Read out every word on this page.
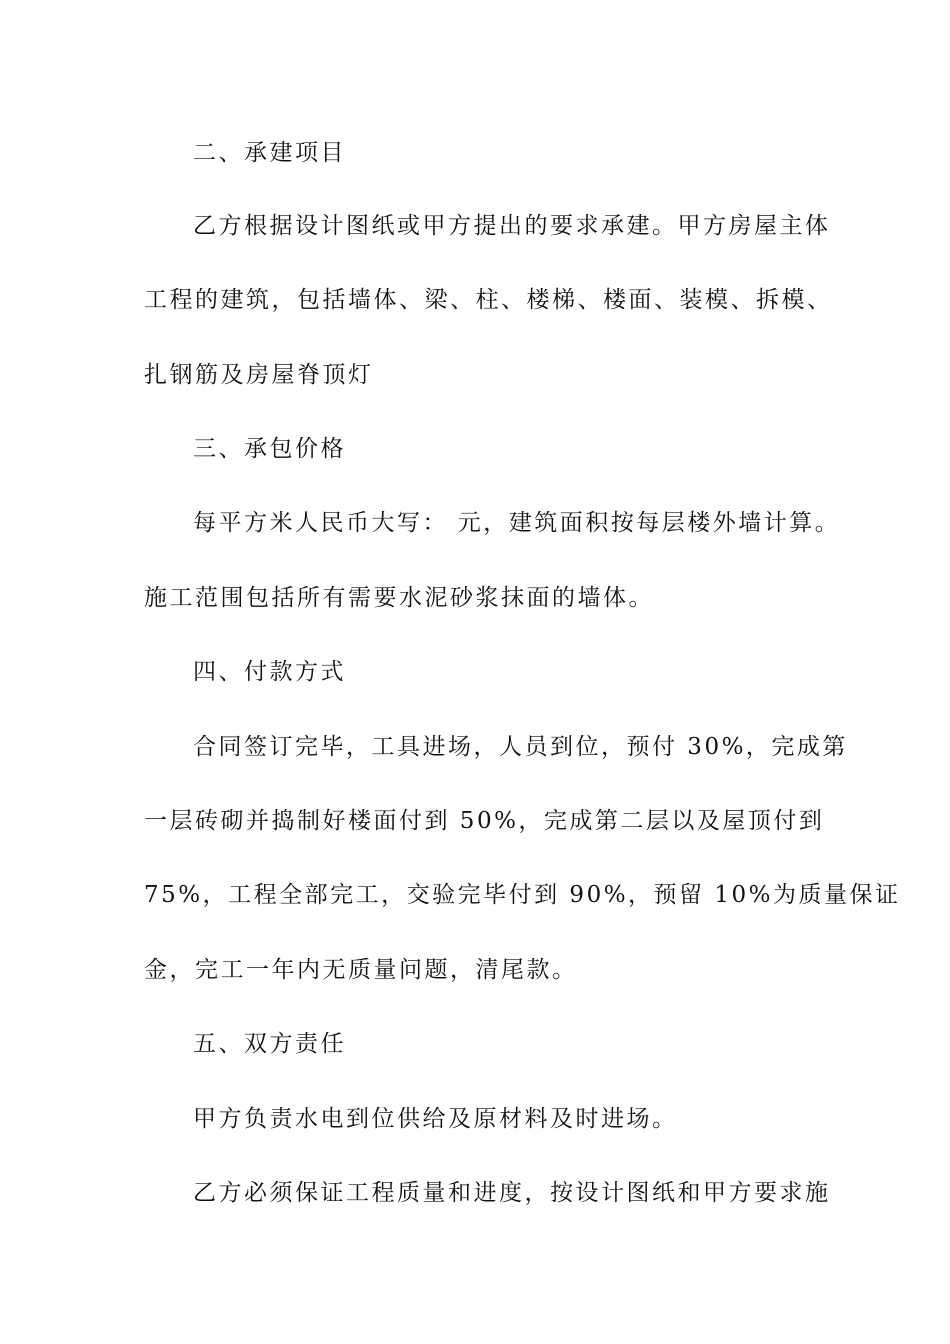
二、承建项目
乙方根据设计图纸或甲方提出的要求承建。甲方房屋主体
工程的建筑，包括墙体、梁、柱、楼梯、楼面、装模、拆模、
扎钢筋及房屋脊顶灯
三、承包价格
每平方米人民币大写： 元，建筑面积按每层楼外墙计算。
施工范围包括所有需要水泥砂浆抹面的墙体。
四、付款方式
合同签订完毕，工具进场，人员到位，预付 30%，完成第
一层砖砌并捣制好楼面付到 50%，完成第二层以及屋顶付到
75%，工程全部完工，交验完毕付到 90%，预留 10%为质量保证
金，完工一年内无质量问题，清尾款。
五、双方责任
甲方负责水电到位供给及原材料及时进场。
乙方必须保证工程质量和进度，按设计图纸和甲方要求施
